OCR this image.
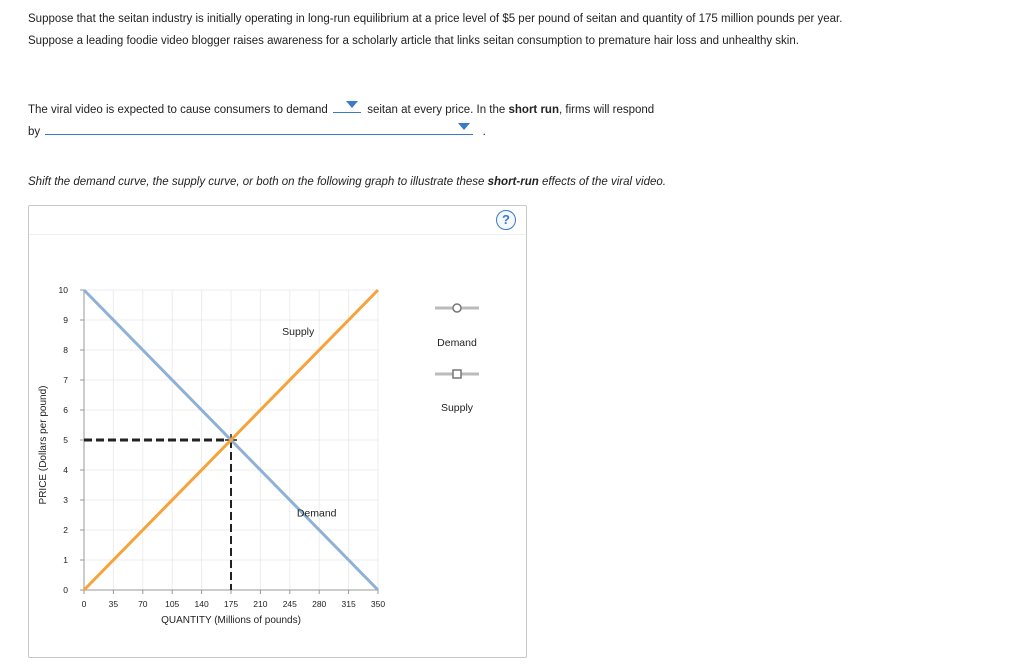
Suppose that the seitan industry is initially operating in long-run equilibrium at a price level of $5 per pound of seitan and quantity of 175 million pounds per year. Suppose a leading foodie video blogger raises awareness for a scholarly article that links seitan consumption to premature hair loss and unhealthy skin.
The viral video is expected to cause consumers to demand	seitan at every price. In the short run, firms will respond
by	.
Shift the demand curve, the supply curve, or both on the following graph to illustrate these short-run effects of the viral video.
?
0
1
2
3
4
5
6
7
8
9
10
0	35 70 105 140 175 210 245 280 315 350
QUANTITY (Millions of pounds)
PRICE (Dollars per pound)
Supply
Demand
Demand
Supply
